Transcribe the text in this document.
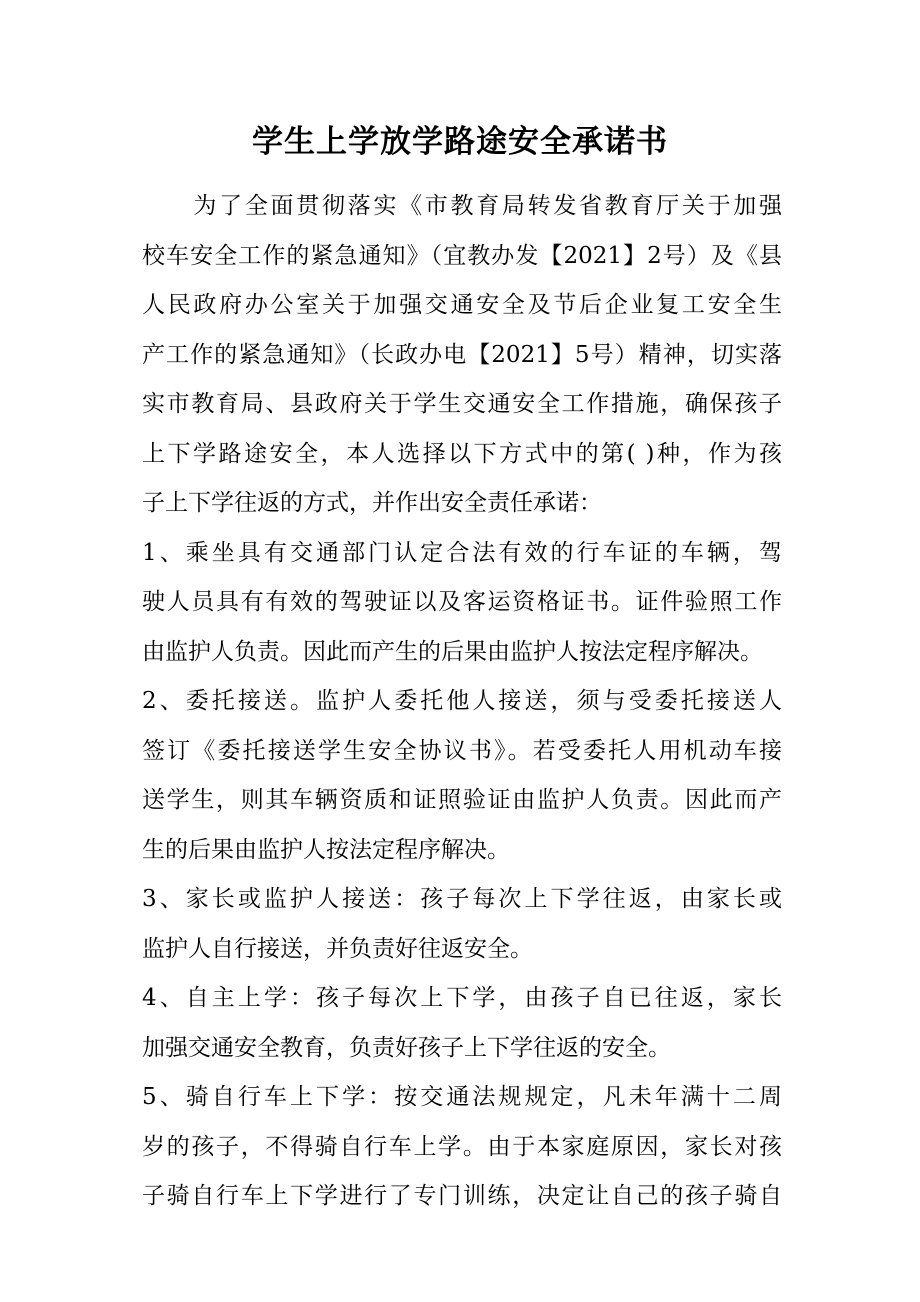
学生上学放学路途安全承诺书
　　为了全面贯彻落实《市教育局转发省教育厅关于加强
校车安全工作的紧急通知》（宜教办发【2021】2号）及《县
人民政府办公室关于加强交通安全及节后企业复工安全生
产工作的紧急通知》（长政办电【2021】5号）精神，切实落
实市教育局、县政府关于学生交通安全工作措施，确保孩子
上下学路途安全，本人选择以下方式中的第( )种，作为孩
子上下学往返的方式，并作出安全责任承诺：
1、乘坐具有交通部门认定合法有效的行车证的车辆，驾
驶人员具有有效的驾驶证以及客运资格证书。证件验照工作
由监护人负责。因此而产生的后果由监护人按法定程序解决。
2、委托接送。监护人委托他人接送，须与受委托接送人
签订《委托接送学生安全协议书》。若受委托人用机动车接
送学生，则其车辆资质和证照验证由监护人负责。因此而产
生的后果由监护人按法定程序解决。
3、家长或监护人接送：孩子每次上下学往返，由家长或
监护人自行接送，并负责好往返安全。
4、自主上学：孩子每次上下学，由孩子自已往返，家长
加强交通安全教育，负责好孩子上下学往返的安全。
5、骑自行车上下学：按交通法规规定，凡未年满十二周
岁的孩子，不得骑自行车上学。由于本家庭原因，家长对孩
子骑自行车上下学进行了专门训练，决定让自己的孩子骑自
